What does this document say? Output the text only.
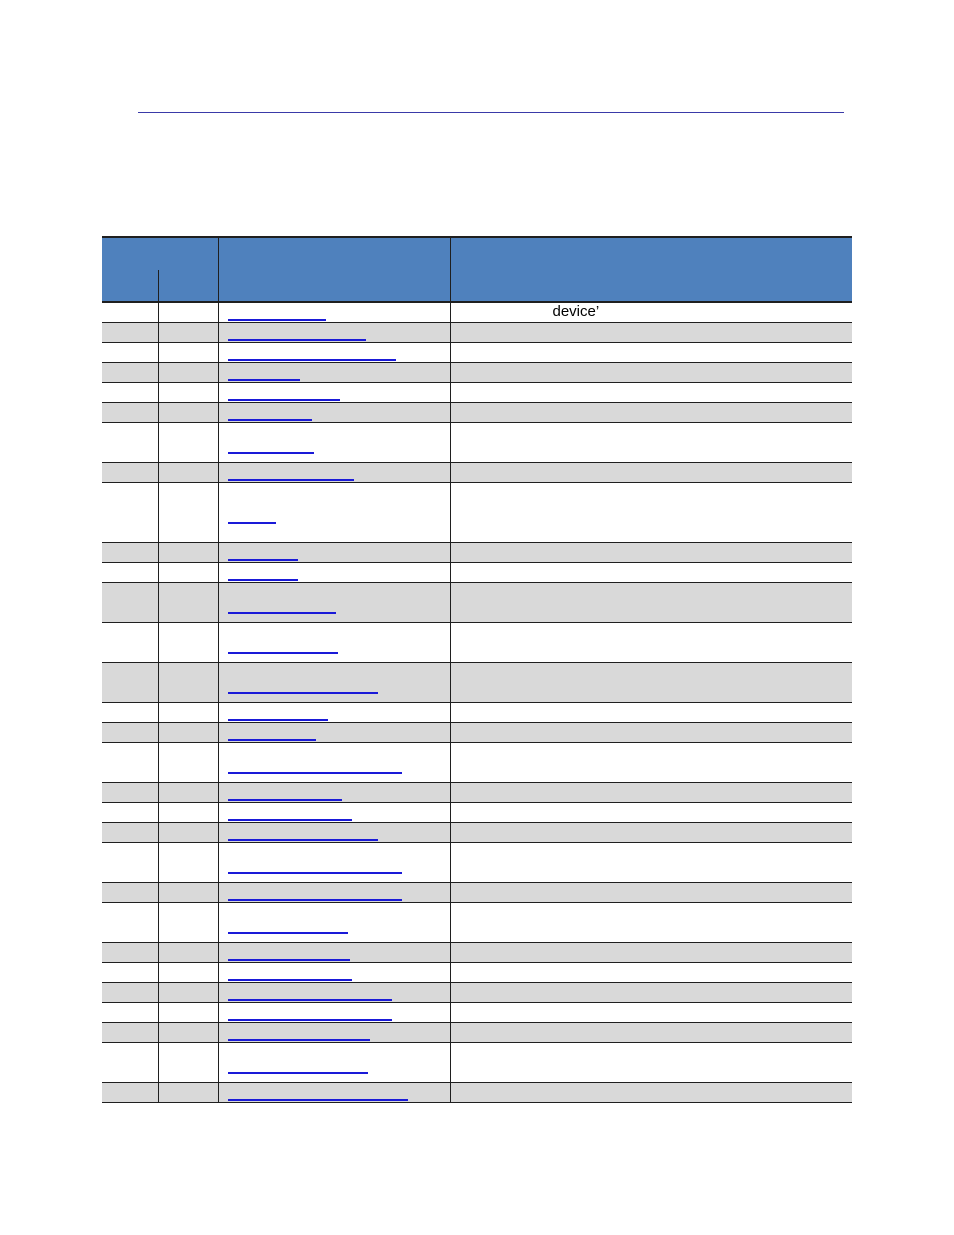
			device’
